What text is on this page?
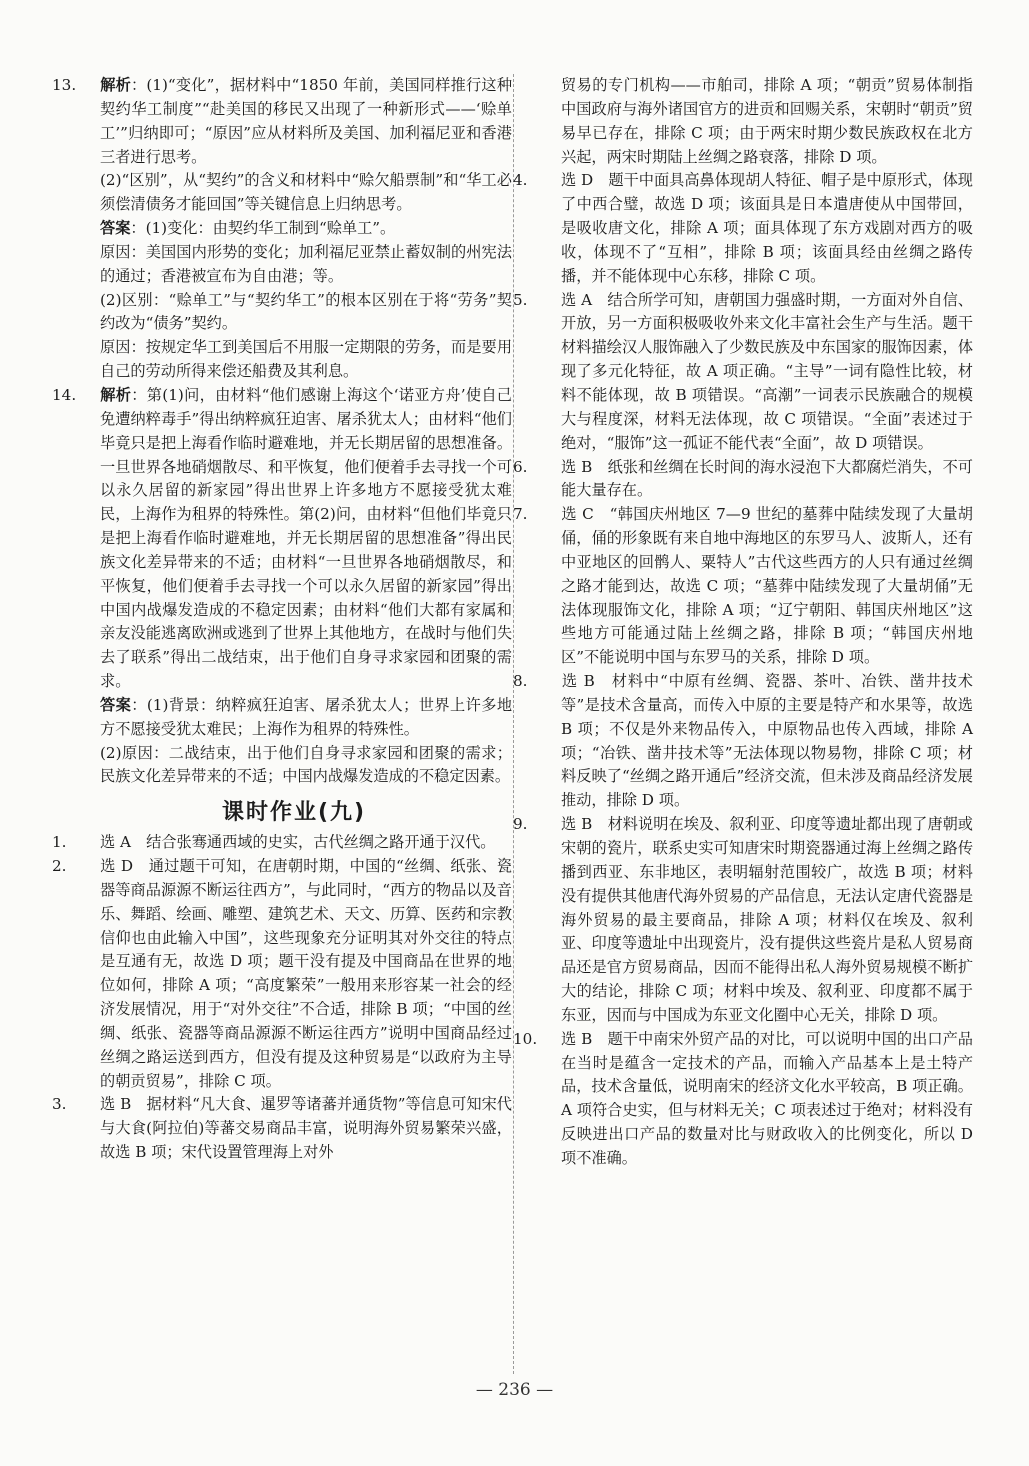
13. 解析：(1)“变化”，据材料中“1850 年前，美国同样推行这种契约华工制度”“赴美国的移民又出现了一种新形式——‘赊单工’”归纳即可；“原因”应从材料所及美国、加利福尼亚和香港三者进行思考。
(2)“区别”，从“契约”的含义和材料中“赊欠船票制”和“华工必须偿清债务才能回国”等关键信息上归纳思考。
答案：(1)变化：由契约华工制到“赊单工”。
原因：美国国内形势的变化；加利福尼亚禁止蓄奴制的州宪法的通过；香港被宣布为自由港；等。
(2)区别：“赊单工”与“契约华工”的根本区别在于将“劳务”契约改为“债务”契约。
原因：按规定华工到美国后不用服一定期限的劳务，而是要用自己的劳动所得来偿还船费及其利息。
14. 解析：第(1)问，由材料“他们感谢上海这个‘诺亚方舟’使自己免遭纳粹毒手”得出纳粹疯狂迫害、屠杀犹太人；由材料“他们毕竟只是把上海看作临时避难地，并无长期居留的思想准备。一旦世界各地硝烟散尽、和平恢复，他们便着手去寻找一个可以永久居留的新家园”得出世界上许多地方不愿接受犹太难民，上海作为租界的特殊性。第(2)问，由材料“但他们毕竟只是把上海看作临时避难地，并无长期居留的思想准备”得出民族文化差异带来的不适；由材料“一旦世界各地硝烟散尽，和平恢复，他们便着手去寻找一个可以永久居留的新家园”得出中国内战爆发造成的不稳定因素；由材料“他们大都有家属和亲友没能逃离欧洲或逃到了世界上其他地方，在战时与他们失去了联系”得出二战结束，出于他们自身寻求家园和团聚的需求。
答案：(1)背景：纳粹疯狂迫害、屠杀犹太人；世界上许多地方不愿接受犹太难民；上海作为租界的特殊性。
(2)原因：二战结束，出于他们自身寻求家园和团聚的需求；民族文化差异带来的不适；中国内战爆发造成的不稳定因素。
课时作业(九)
1. 选 A　结合张骞通西域的史实，古代丝绸之路开通于汉代。
2. 选 D　通过题干可知，在唐朝时期，中国的“丝绸、纸张、瓷器等商品源源不断运往西方”，与此同时，“西方的物品以及音乐、舞蹈、绘画、雕塑、建筑艺术、天文、历算、医药和宗教信仰也由此输入中国”，这些现象充分证明其对外交往的特点是互通有无，故选 D 项；题干没有提及中国商品在世界的地位如何，排除 A 项；“高度繁荣”一般用来形容某一社会的经济发展情况，用于“对外交往”不合适，排除 B 项；“中国的丝绸、纸张、瓷器等商品源源不断运往西方”说明中国商品经过丝绸之路运送到西方，但没有提及这种贸易是“以政府为主导的朝贡贸易”，排除 C 项。
3. 选 B　据材料“凡大食、暹罗等诸蕃并通货物”等信息可知宋代与大食(阿拉伯)等蕃交易商品丰富，说明海外贸易繁荣兴盛，故选 B 项；宋代设置管理海上对外
贸易的专门机构——市舶司，排除 A 项；“朝贡”贸易体制指中国政府与海外诸国官方的进贡和回赐关系，宋朝时“朝贡”贸易早已存在，排除 C 项；由于两宋时期少数民族政权在北方兴起，两宋时期陆上丝绸之路衰落，排除 D 项。
4. 选 D　题干中面具高鼻体现胡人特征、帽子是中原形式，体现了中西合璧，故选 D 项；该面具是日本遣唐使从中国带回，是吸收唐文化，排除 A 项；面具体现了东方戏剧对西方的吸收，体现不了“互相”，排除 B 项；该面具经由丝绸之路传播，并不能体现中心东移，排除 C 项。
5. 选 A　结合所学可知，唐朝国力强盛时期，一方面对外自信、开放，另一方面积极吸收外来文化丰富社会生产与生活。题干材料描绘汉人服饰融入了少数民族及中东国家的服饰因素，体现了多元化特征，故 A 项正确。“主导”一词有隐性比较，材料不能体现，故 B 项错误。“高潮”一词表示民族融合的规模大与程度深，材料无法体现，故 C 项错误。“全面”表述过于绝对，“服饰”这一孤证不能代表“全面”，故 D 项错误。
6. 选 B　纸张和丝绸在长时间的海水浸泡下大都腐烂消失，不可能大量存在。
7. 选 C　“韩国庆州地区 7—9 世纪的墓葬中陆续发现了大量胡俑，俑的形象既有来自地中海地区的东罗马人、波斯人，还有中亚地区的回鹘人、粟特人”古代这些西方的人只有通过丝绸之路才能到达，故选 C 项；“墓葬中陆续发现了大量胡俑”无法体现服饰文化，排除 A 项；“辽宁朝阳、韩国庆州地区”这些地方可能通过陆上丝绸之路，排除 B 项；“韩国庆州地区”不能说明中国与东罗马的关系，排除 D 项。
8. 选 B　材料中“中原有丝绸、瓷器、茶叶、冶铁、凿井技术等”是技术含量高，而传入中原的主要是特产和水果等，故选 B 项；不仅是外来物品传入，中原物品也传入西域，排除 A 项；“冶铁、凿井技术等”无法体现以物易物，排除 C 项；材料反映了“丝绸之路开通后”经济交流，但未涉及商品经济发展推动，排除 D 项。
9. 选 B　材料说明在埃及、叙利亚、印度等遗址都出现了唐朝或宋朝的瓷片，联系史实可知唐宋时期瓷器通过海上丝绸之路传播到西亚、东非地区，表明辐射范围较广，故选 B 项；材料没有提供其他唐代海外贸易的产品信息，无法认定唐代瓷器是海外贸易的最主要商品，排除 A 项；材料仅在埃及、叙利亚、印度等遗址中出现瓷片，没有提供这些瓷片是私人贸易商品还是官方贸易商品，因而不能得出私人海外贸易规模不断扩大的结论，排除 C 项；材料中埃及、叙利亚、印度都不属于东亚，因而与中国成为东亚文化圈中心无关，排除 D 项。
10. 选 B　题干中南宋外贸产品的对比，可以说明中国的出口产品在当时是蕴含一定技术的产品，而输入产品基本上是土特产品，技术含量低，说明南宋的经济文化水平较高，B 项正确。A 项符合史实，但与材料无关；C 项表述过于绝对；材料没有反映进出口产品的数量对比与财政收入的比例变化，所以 D 项不准确。
— 236 —
